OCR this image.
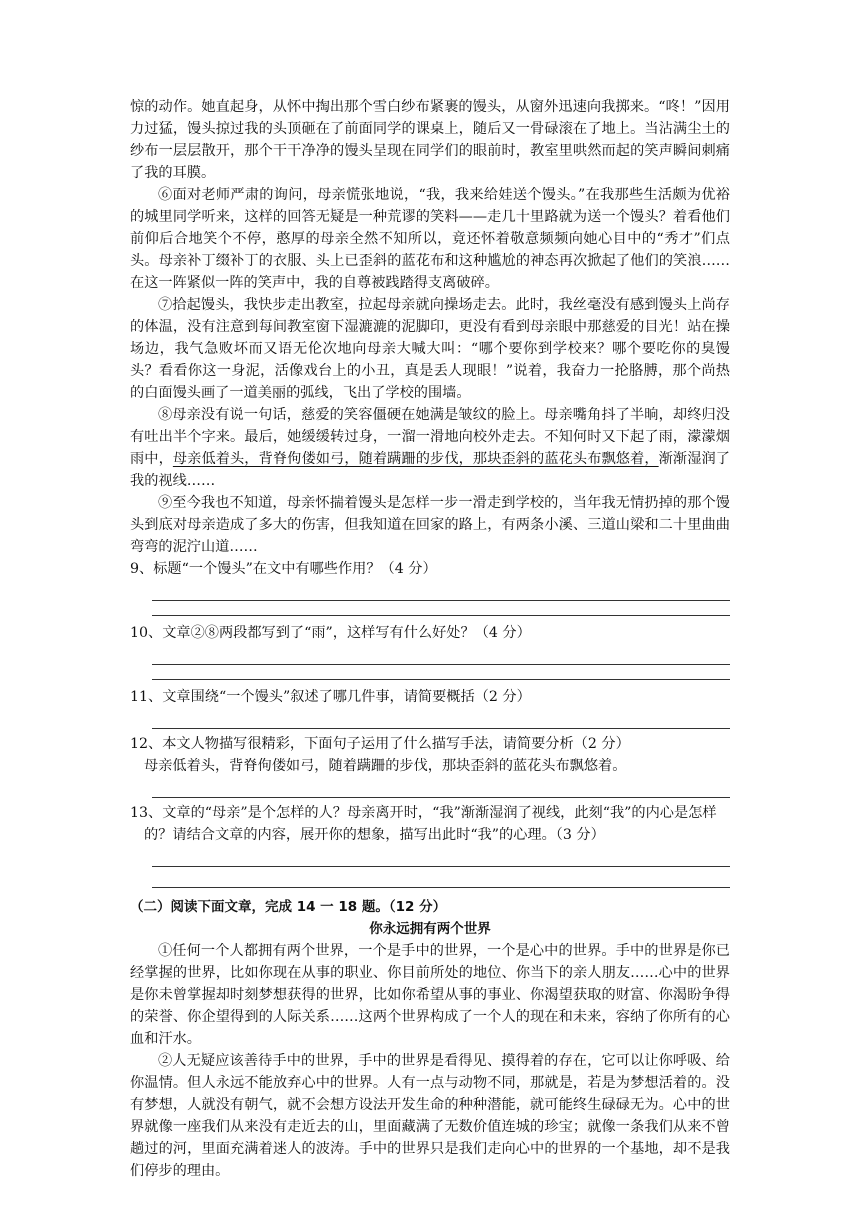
惊的动作。她直起身，从怀中掏出那个雪白纱布紧裹的馒头，从窗外迅速向我掷来。“咚！”因用力过猛，馒头掠过我的头顶砸在了前面同学的课桌上，随后又一骨碌滚在了地上。当沾满尘土的纱布一层层散开，那个干干净净的馒头呈现在同学们的眼前时，教室里哄然而起的笑声瞬间刺痛了我的耳膜。

⑥面对老师严肃的询问，母亲慌张地说，“我，我来给娃送个馒头。”在我那些生活颇为优裕的城里同学听来，这样的回答无疑是一种荒谬的笑料——走几十里路就为送一个馒头？着看他们前仰后合地笑个不停，憨厚的母亲全然不知所以，竟还怀着敬意频频向她心目中的“秀才”们点头。母亲补丁缀补丁的衣服、头上已歪斜的蓝花布和这种尴尬的神态再次掀起了他们的笑浪……在这一阵紧似一阵的笑声中，我的自尊被践踏得支离破碎。

⑦拾起馒头，我快步走出教室，拉起母亲就向操场走去。此时，我丝毫没有感到馒头上尚存的体温，没有注意到每间教室窗下湿漉漉的泥脚印，更没有看到母亲眼中那慈爱的目光！站在操场边，我气急败坏而又语无伦次地向母亲大喊大叫：“哪个要你到学校来？哪个要吃你的臭馒头？看看你这一身泥，活像戏台上的小丑，真是丢人现眼！”说着，我奋力一抡胳膊，那个尚热的白面馒头画了一道美丽的弧线，飞出了学校的围墙。

⑧母亲没有说一句话，慈爱的笑容僵硬在她满是皱纹的脸上。母亲嘴角抖了半晌，却终归没有吐出半个字来。最后，她缓缓转过身，一溜一滑地向校外走去。不知何时又下起了雨，濛濛烟雨中，母亲低着头，背脊佝偻如弓，随着蹒跚的步伐，那块歪斜的蓝花头布飘悠着，渐渐湿润了我的视线……

⑨至今我也不知道，母亲怀揣着馒头是怎样一步一滑走到学校的，当年我无情扔掉的那个馒头到底对母亲造成了多大的伤害，但我知道在回家的路上，有两条小溪、三道山梁和二十里曲曲弯弯的泥泞山道……

9、标题“一个馒头”在文中有哪些作用？（4 分）

10、文章②⑧两段都写到了“雨”，这样写有什么好处？（4 分）

11、文章围绕“一个馒头”叙述了哪几件事，请简要概括（2 分）

12、本文人物描写很精彩，下面句子运用了什么描写手法，请简要分析（2 分）

母亲低着头，背脊佝偻如弓，随着蹒跚的步伐，那块歪斜的蓝花头布飘悠着。

13、文章的“母亲”是个怎样的人？母亲离开时，“我”渐渐湿润了视线，此刻“我”的内心是怎样的？请结合文章的内容，展开你的想象，描写出此时“我”的心理。（3 分）

（二）阅读下面文章，完成 14 一 18 题。（12 分）

你永远拥有两个世界

①任何一个人都拥有两个世界，一个是手中的世界，一个是心中的世界。手中的世界是你已经掌握的世界，比如你现在从事的职业、你目前所处的地位、你当下的亲人朋友……心中的世界是你未曾掌握却时刻梦想获得的世界，比如你希望从事的事业、你渴望获取的财富、你渴盼争得的荣誉、你企望得到的人际关系……这两个世界构成了一个人的现在和未来，容纳了你所有的心血和汗水。

②人无疑应该善待手中的世界，手中的世界是看得见、摸得着的存在，它可以让你呼吸、给你温情。但人永远不能放弃心中的世界。人有一点与动物不同，那就是，若是为梦想活着的。没有梦想，人就没有朝气，就不会想方设法开发生命的种种潜能，就可能终生碌碌无为。心中的世界就像一座我们从来没有走近去的山，里面藏满了无数价值连城的珍宝；就像一条我们从来不曾趟过的河，里面充满着迷人的波涛。手中的世界只是我们走向心中的世界的一个基地，却不是我们停步的理由。
